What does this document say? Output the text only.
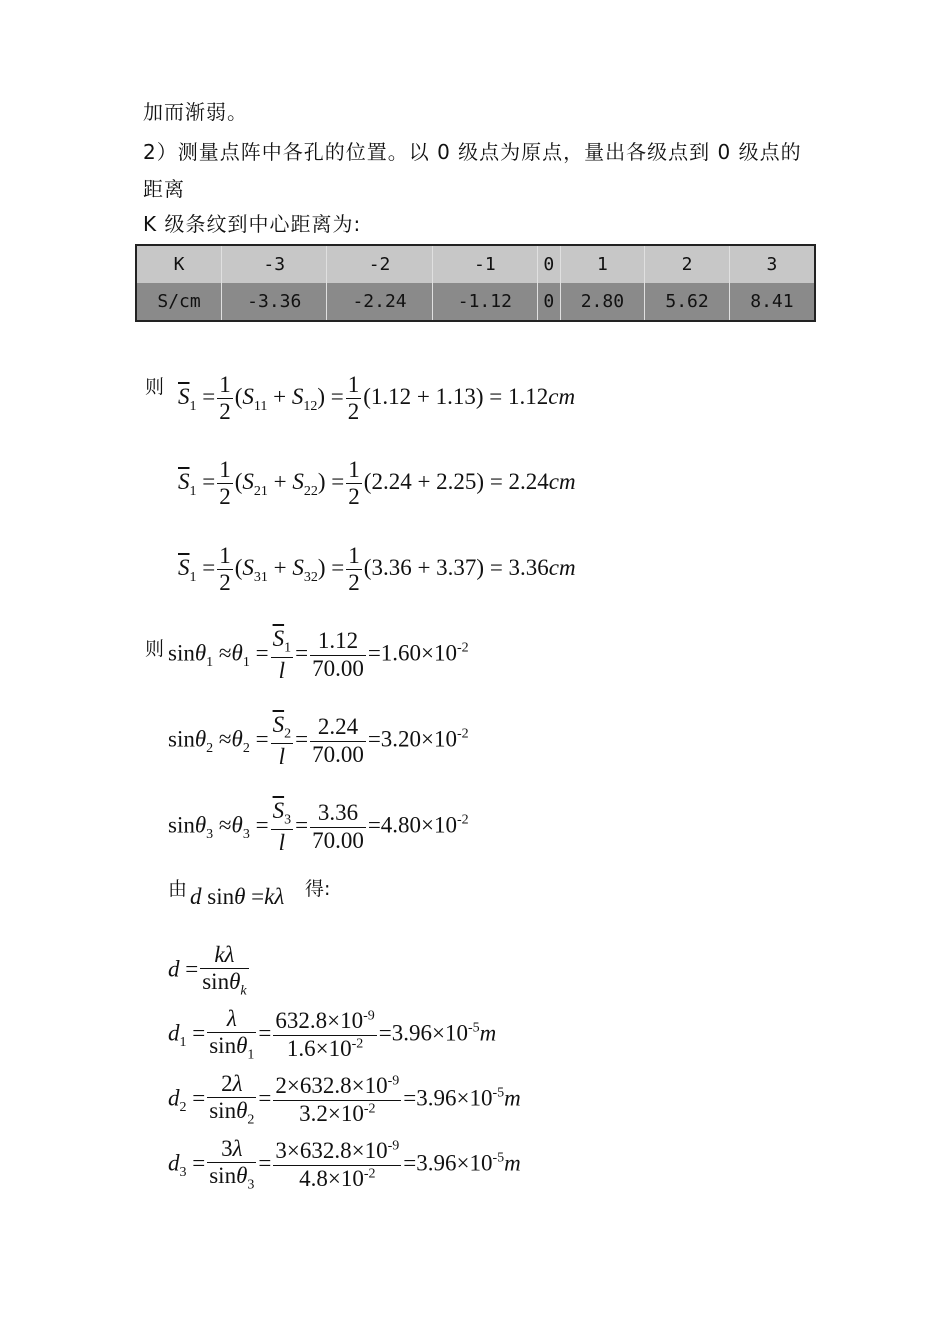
加而渐弱。
2）测量点阵中各孔的位置。以 0 级点为原点，量出各级点到 0 级点的
距离
K 级条纹到中心距离为:
K	-3	-2	-1	0	1	2	3
S/cm	-3.36	-2.24	-1.12	0	2.80	5.62	8.41
则 $\overline{S}_1 = \frac{1}{2} (S_{11} + S_{12}) = \frac{1}{2} (1.12 + 1.13) = 1.12cm$
$\overline{S}_1 = \frac{1}{2} (S_{21} + S_{22}) = \frac{1}{2} (2.24 + 2.25) = 2.24cm$
$\overline{S}_1 = \frac{1}{2} (S_{31} + S_{32}) = \frac{1}{2} (3.36 + 3.37) = 3.36cm$
则 $\sin\theta_1 \approx\theta_1 = \frac{\overline{S}_1}{l} = \frac{1.12}{70.00} =1.60\times 10^{-2}$
$\sin\theta_2 \approx\theta_2 = \frac{\overline{S}_2}{l} = \frac{2.24}{70.00} =3.20\times 10^{-2}$
$\sin\theta_3 \approx\theta_3 = \frac{\overline{S}_3}{l} = \frac{3.36}{70.00} =4.80\times 10^{-2}$
由 d sinθ =kλ 得:
$d = \frac{k\lambda}{\sin\theta_k}$
$d_1 = \frac{\lambda}{\sin\theta_1} = \frac{632.8\times 10^{-9}}{1.6\times 10^{-2}} =3.96\times 10^{-5}m$
$d_2 = \frac{2\lambda}{\sin\theta_2} = \frac{2\times 632.8\times 10^{-9}}{3.2\times 10^{-2}} =3.96\times 10^{-5}m$
$d_3 = \frac{3\lambda}{\sin\theta_3} = \frac{3\times 632.8\times 10^{-9}}{4.8\times 10^{-2}} =3.96\times 10^{-5}m$
